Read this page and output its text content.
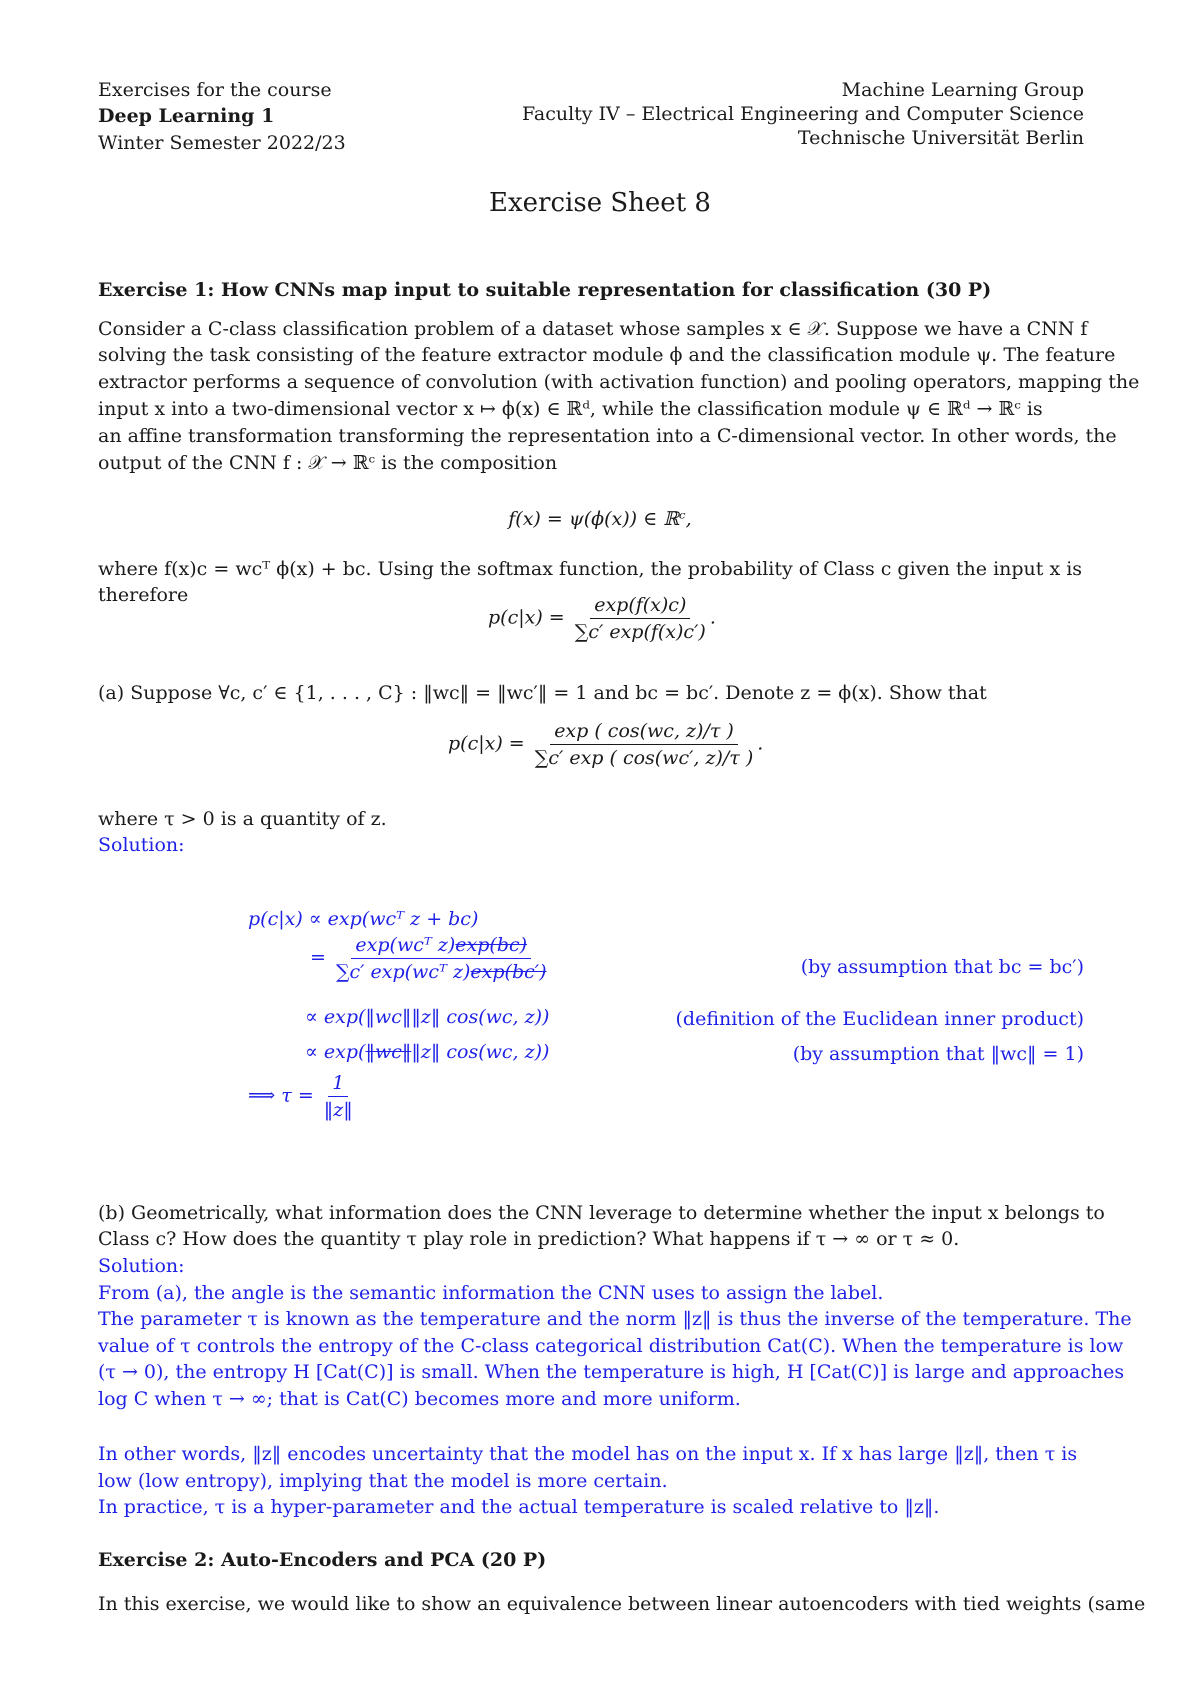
Exercises for the course
Deep Learning 1
Winter Semester 2022/23
Machine Learning Group
Faculty IV – Electrical Engineering and Computer Science
Technische Universität Berlin
Exercise Sheet 8
Exercise 1: How CNNs map input to suitable representation for classification (30 P)
Consider a C-class classification problem of a dataset whose samples x ∈ 𝒳. Suppose we have a CNN f
solving the task consisting of the feature extractor module ϕ and the classification module ψ. The feature
extractor performs a sequence of convolution (with activation function) and pooling operators, mapping the
input x into a two-dimensional vector x ↦ ϕ(x) ∈ ℝᵈ, while the classification module ψ ∈ ℝᵈ → ℝᶜ is
an affine transformation transforming the representation into a C-dimensional vector. In other words, the
output of the CNN f : 𝒳 → ℝᶜ is the composition
f(x) = ψ(ϕ(x)) ∈ ℝᶜ,
where f(x)c = wcᵀ ϕ(x) + bc. Using the softmax function, the probability of Class c given the input x is
therefore
$p(c|x) = \frac{\exp(f(x)c)}{\sum c' \exp(f(x)c')}$ .
(a) Suppose ∀c, c′ ∈ {1, . . . , C} : ‖wc‖ = ‖wc′‖ = 1 and bc = bc′. Denote z = ϕ(x). Show that
$p(c|x) = \frac{\exp ( \cos(wc, z)/\tau )}{\sum c' \exp ( \cos(wc', z)/\tau )}$ .
where τ > 0 is a quantity of z.
Solution:
p(c|x) ∝ exp(wcᵀ z + bc)
= $\frac{\text{exp(wcᵀ z)exp(bc)}}{\text{∑c′ exp(wcᵀ z)exp(bc′)}}$	(by assumption that bc = bc′)
∝ exp(‖wc‖‖z‖ cos(wc, z))	(definition of the Euclidean inner product)
∝ exp(‖wc‖‖z‖ cos(wc, z))	(by assumption that ‖wc‖ = 1)
⟹ $\tau = \frac{1}{‖z‖}$
(b) Geometrically, what information does the CNN leverage to determine whether the input x belongs to
Class c? How does the quantity τ play role in prediction? What happens if τ → ∞ or τ ≈ 0.
Solution:
From (a), the angle is the semantic information the CNN uses to assign the label.
The parameter τ is known as the temperature and the norm ‖z‖ is thus the inverse of the temperature. The
value of τ controls the entropy of the C-class categorical distribution Cat(C). When the temperature is low
(τ → 0), the entropy H [Cat(C)] is small. When the temperature is high, H [Cat(C)] is large and approaches
log C when τ → ∞; that is Cat(C) becomes more and more uniform.
In other words, ‖z‖ encodes uncertainty that the model has on the input x. If x has large ‖z‖, then τ is
low (low entropy), implying that the model is more certain.
In practice, τ is a hyper-parameter and the actual temperature is scaled relative to ‖z‖.
Exercise 2: Auto-Encoders and PCA (20 P)
In this exercise, we would like to show an equivalence between linear autoencoders with tied weights (same
